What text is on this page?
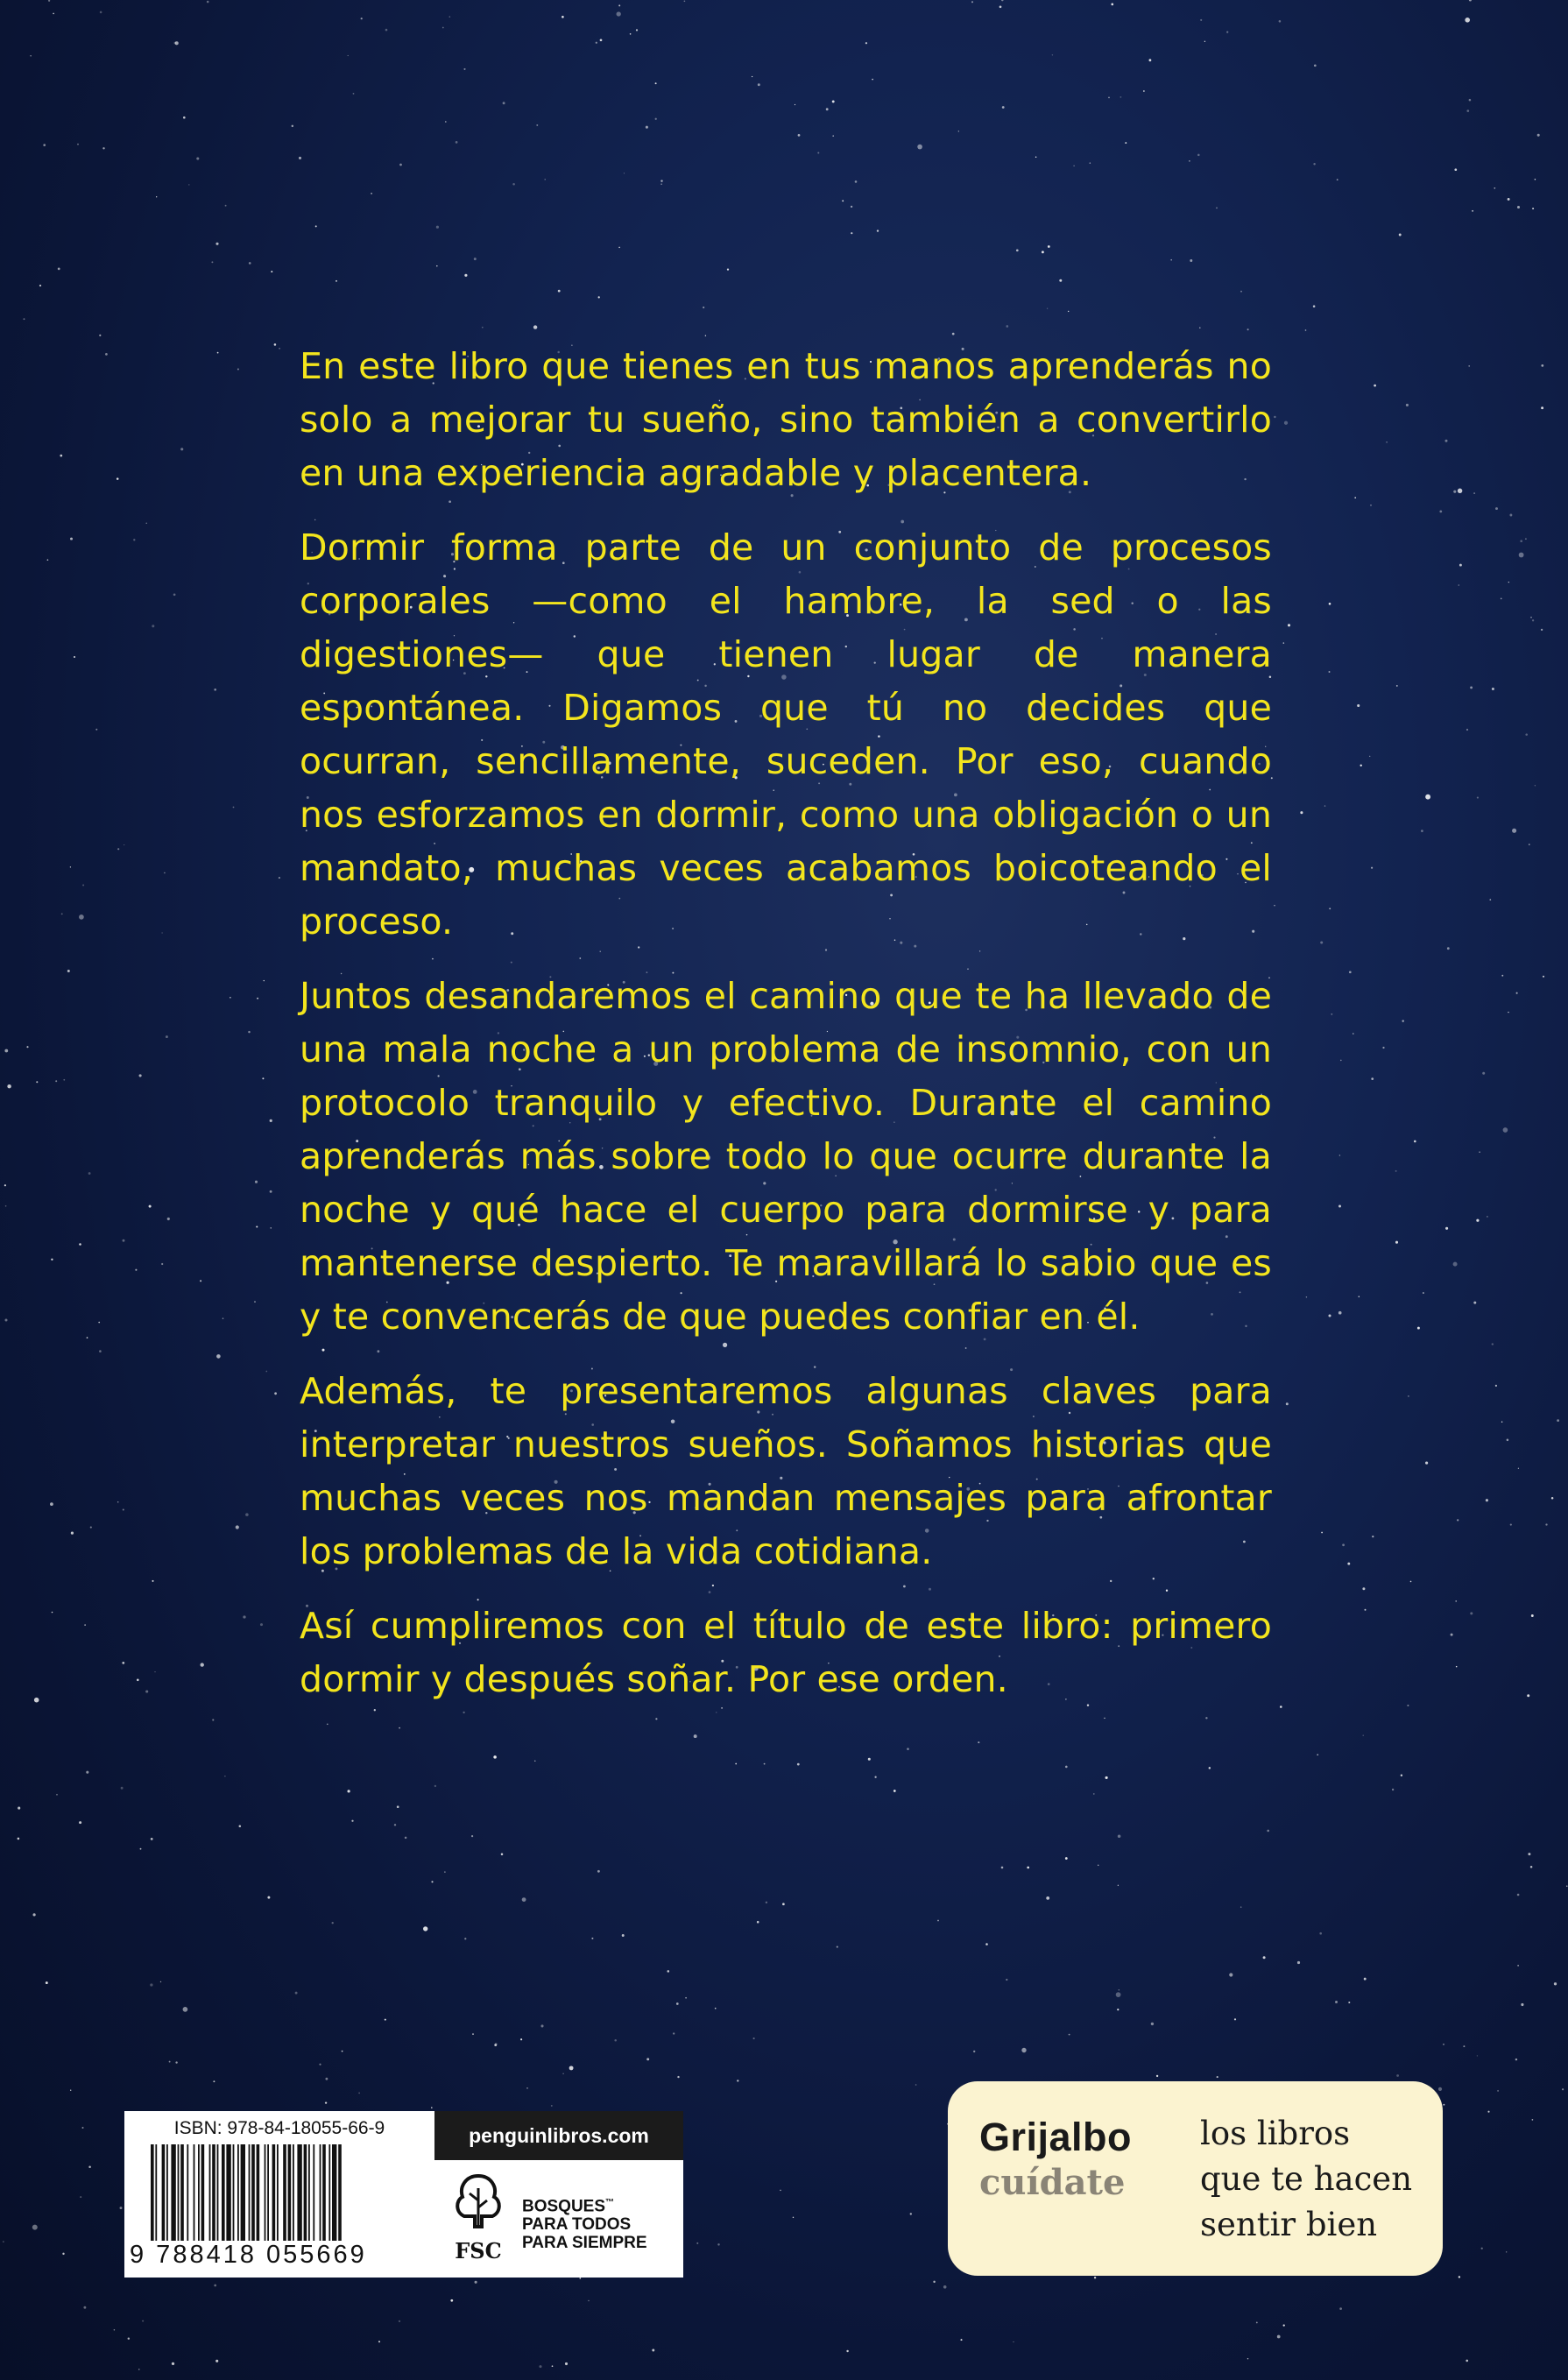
En este libro que tienes en tus manos aprenderás no solo a mejorar tu sueño, sino también a convertirlo en una experiencia agradable y placentera.

Dormir forma parte de un conjunto de procesos corporales —como el hambre, la sed o las digestiones— que tienen lugar de manera espontánea. Digamos que tú no decides que ocurran, sencillamente, suceden. Por eso, cuando nos esforzamos en dormir, como una obligación o un mandato, muchas veces acabamos boicoteando el proceso.

Juntos desandaremos el camino que te ha llevado de una mala noche a un problema de insomnio, con un protocolo tranquilo y efectivo. Durante el camino aprenderás más sobre todo lo que ocurre durante la noche y qué hace el cuerpo para dormirse y para mantenerse despierto. Te maravillará lo sabio que es y te convencerás de que puedes confiar en él.

Además, te presentaremos algunas claves para interpretar nuestros sueños. Soñamos historias que muchas veces nos mandan mensajes para afrontar los problemas de la vida cotidiana.

Así cumpliremos con el título de este libro: primero dormir y después soñar. Por ese orden.

ISBN: 978-84-18055-66-9
9 788418 055669
penguinlibros.com
FSC
BOSQUES™
PARA TODOS
PARA SIEMPRE
Grijalbo
cuídate
los libros
que te hacen
sentir bien
